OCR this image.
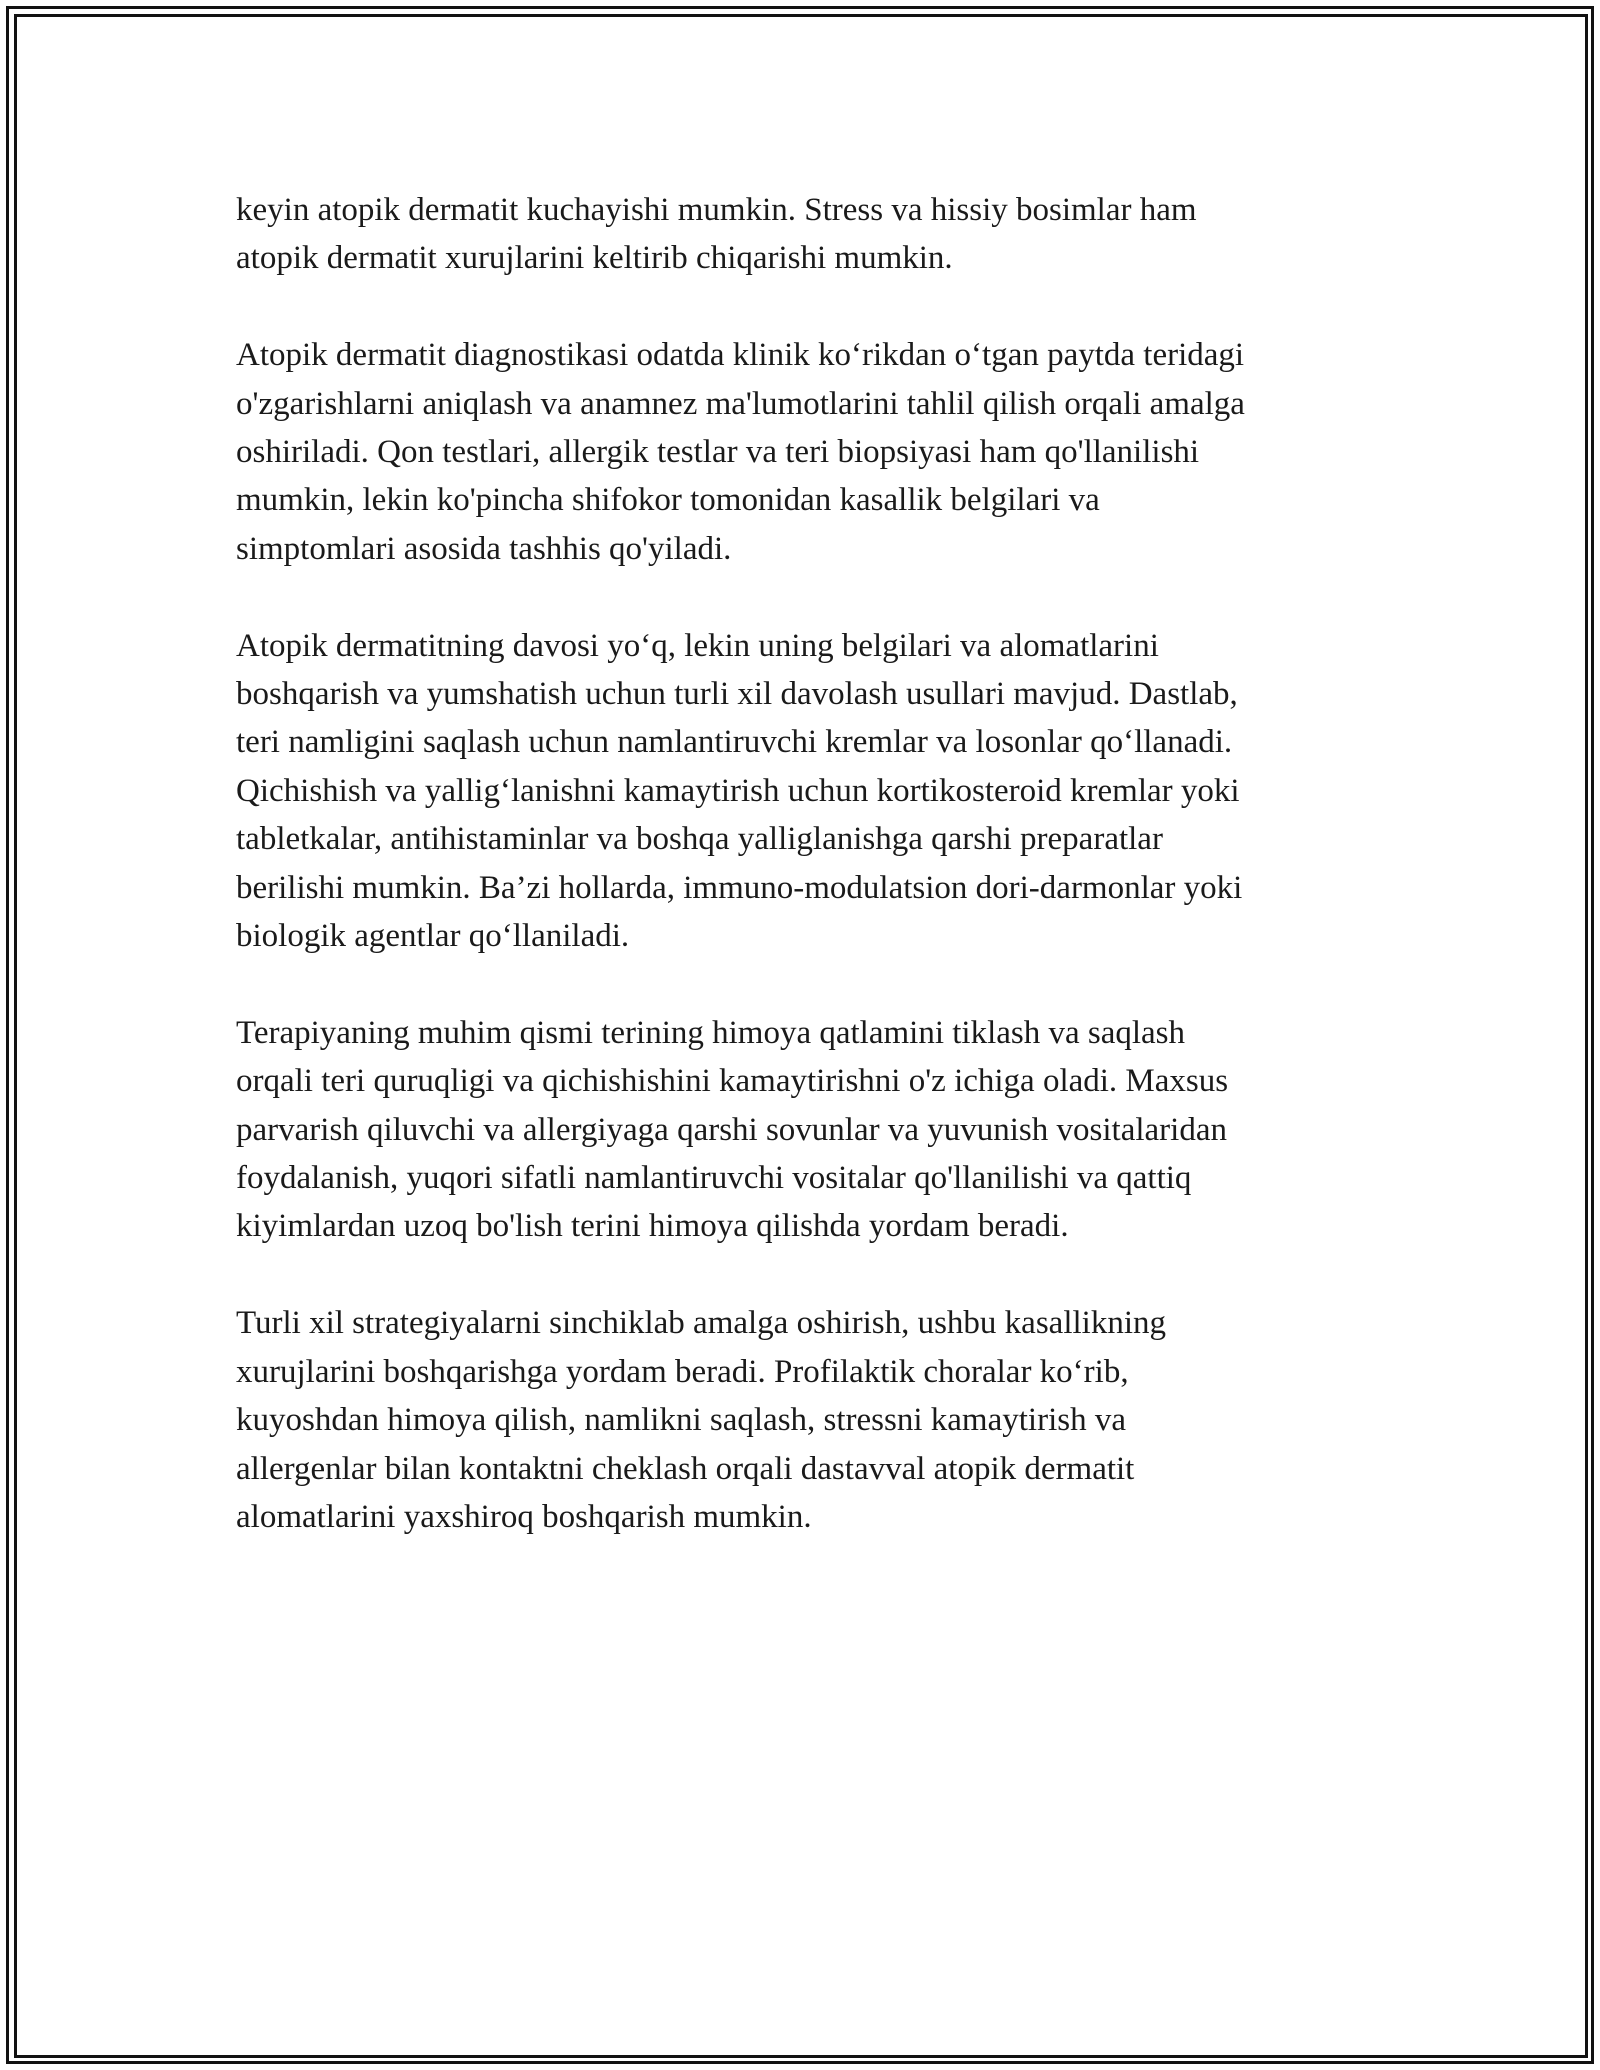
keyin atopik dermatit kuchayishi mumkin. Stress va hissiy bosimlar ham
atopik dermatit xurujlarini keltirib chiqarishi mumkin.

Atopik dermatit diagnostikasi odatda klinik ko‘rikdan o‘tgan paytda teridagi
o'zgarishlarni aniqlash va anamnez ma'lumotlarini tahlil qilish orqali amalga
oshiriladi. Qon testlari, allergik testlar va teri biopsiyasi ham qo'llanilishi
mumkin, lekin ko'pincha shifokor tomonidan kasallik belgilari va
simptomlari asosida tashhis qo'yiladi.

Atopik dermatitning davosi yo‘q, lekin uning belgilari va alomatlarini
boshqarish va yumshatish uchun turli xil davolash usullari mavjud. Dastlab,
teri namligini saqlash uchun namlantiruvchi kremlar va losonlar qo‘llanadi.
Qichishish va yallig‘lanishni kamaytirish uchun kortikosteroid kremlar yoki
tabletkalar, antihistaminlar va boshqa yalliglanishga qarshi preparatlar
berilishi mumkin. Ba’zi hollarda, immuno-modulatsion dori-darmonlar yoki
biologik agentlar qo‘llaniladi.

Terapiyaning muhim qismi terining himoya qatlamini tiklash va saqlash
orqali teri quruqligi va qichishishini kamaytirishni o'z ichiga oladi. Maxsus
parvarish qiluvchi va allergiyaga qarshi sovunlar va yuvunish vositalaridan
foydalanish, yuqori sifatli namlantiruvchi vositalar qo'llanilishi va qattiq
kiyimlardan uzoq bo'lish terini himoya qilishda yordam beradi.

Turli xil strategiyalarni sinchiklab amalga oshirish, ushbu kasallikning
xurujlarini boshqarishga yordam beradi. Profilaktik choralar ko‘rib,
kuyoshdan himoya qilish, namlikni saqlash, stressni kamaytirish va
allergenlar bilan kontaktni cheklash orqali dastavval atopik dermatit
alomatlarini yaxshiroq boshqarish mumkin.
